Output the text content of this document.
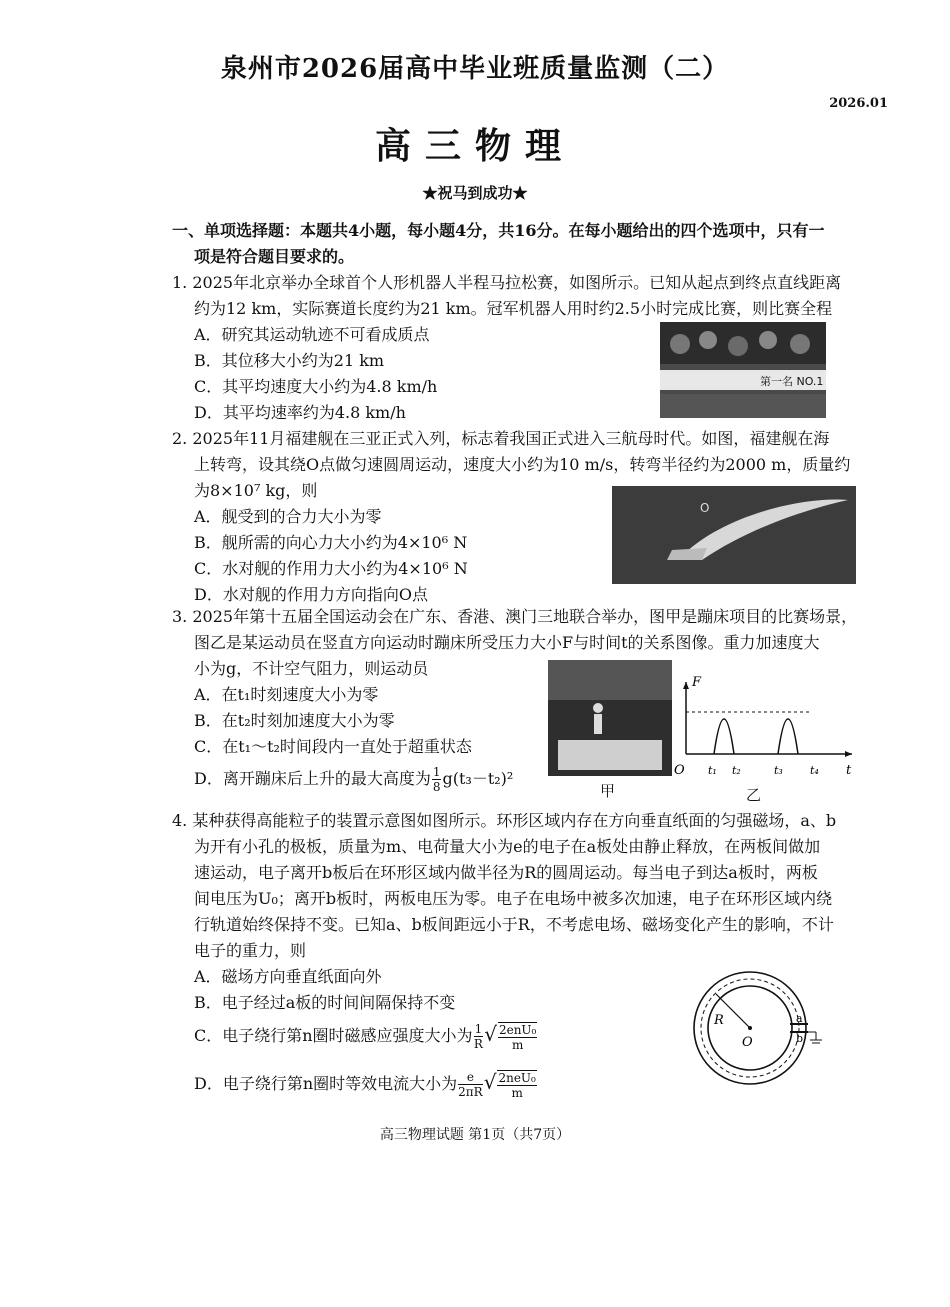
泉州市2026届高中毕业班质量监测（二）
2026.01
高三物理
★祝马到成功★
一、单项选择题：本题共4小题，每小题4分，共16分。在每小题给出的四个选项中，只有一
项是符合题目要求的。
1. 2025年北京举办全球首个人形机器人半程马拉松赛，如图所示。已知从起点到终点直线距离
约为12 km，实际赛道长度约为21 km。冠军机器人用时约2.5小时完成比赛，则比赛全程
A．研究其运动轨迹不可看成质点
B．其位移大小约为21 km
C．其平均速度大小约为4.8 km/h
D．其平均速率约为4.8 km/h
第一名 NO.1
2. 2025年11月福建舰在三亚正式入列，标志着我国正式进入三航母时代。如图，福建舰在海
上转弯，设其绕O点做匀速圆周运动，速度大小约为10 m/s，转弯半径约为2000 m，质量约
为8×10⁷ kg，则
A．舰受到的合力大小为零
B．舰所需的向心力大小约为4×10⁶ N
C．水对舰的作用力大小约为4×10⁶ N
D．水对舰的作用力方向指向O点
O
3. 2025年第十五届全国运动会在广东、香港、澳门三地联合举办，图甲是蹦床项目的比赛场景，
图乙是某运动员在竖直方向运动时蹦床所受压力大小F与时间t的关系图像。重力加速度大
小为g，不计空气阻力，则运动员
A．在t₁时刻速度大小为零
B．在t₂时刻加速度大小为零
C．在t₁～t₂时间段内一直处于超重状态
D．离开蹦床后上升的最大高度为 $\frac{1}{8} g(t_3-t_2)^2$
甲
F
t
O t₁ t₂	t₃ t₄
乙
4. 某种获得高能粒子的装置示意图如图所示。环形区域内存在方向垂直纸面的匀强磁场，a、b
为开有小孔的极板，质量为m、电荷量大小为e的电子在a板处由静止释放，在两板间做加
速运动，电子离开b板后在环形区域内做半径为R的圆周运动。每当电子到达a板时，两板
间电压为U₀；离开b板时，两板电压为零。电子在电场中被多次加速，电子在环形区域内绕
行轨道始终保持不变。已知a、b板间距远小于R，不考虑电场、磁场变化产生的影响，不计
电子的重力，则
A．磁场方向垂直纸面向外
B．电子经过a板的时间间隔保持不变
C．电子绕行第n圈时磁感应强度大小为 $\frac{1}{R}$ √ $\frac{\text{2enU₀}}{m}$
D．电子绕行第n圈时等效电流大小为 $\frac{e}{2\pi R}$ √ $\frac{\text{2neU₀}}{m}$
R
O
a
b
高三物理试题 第1页（共7页）
